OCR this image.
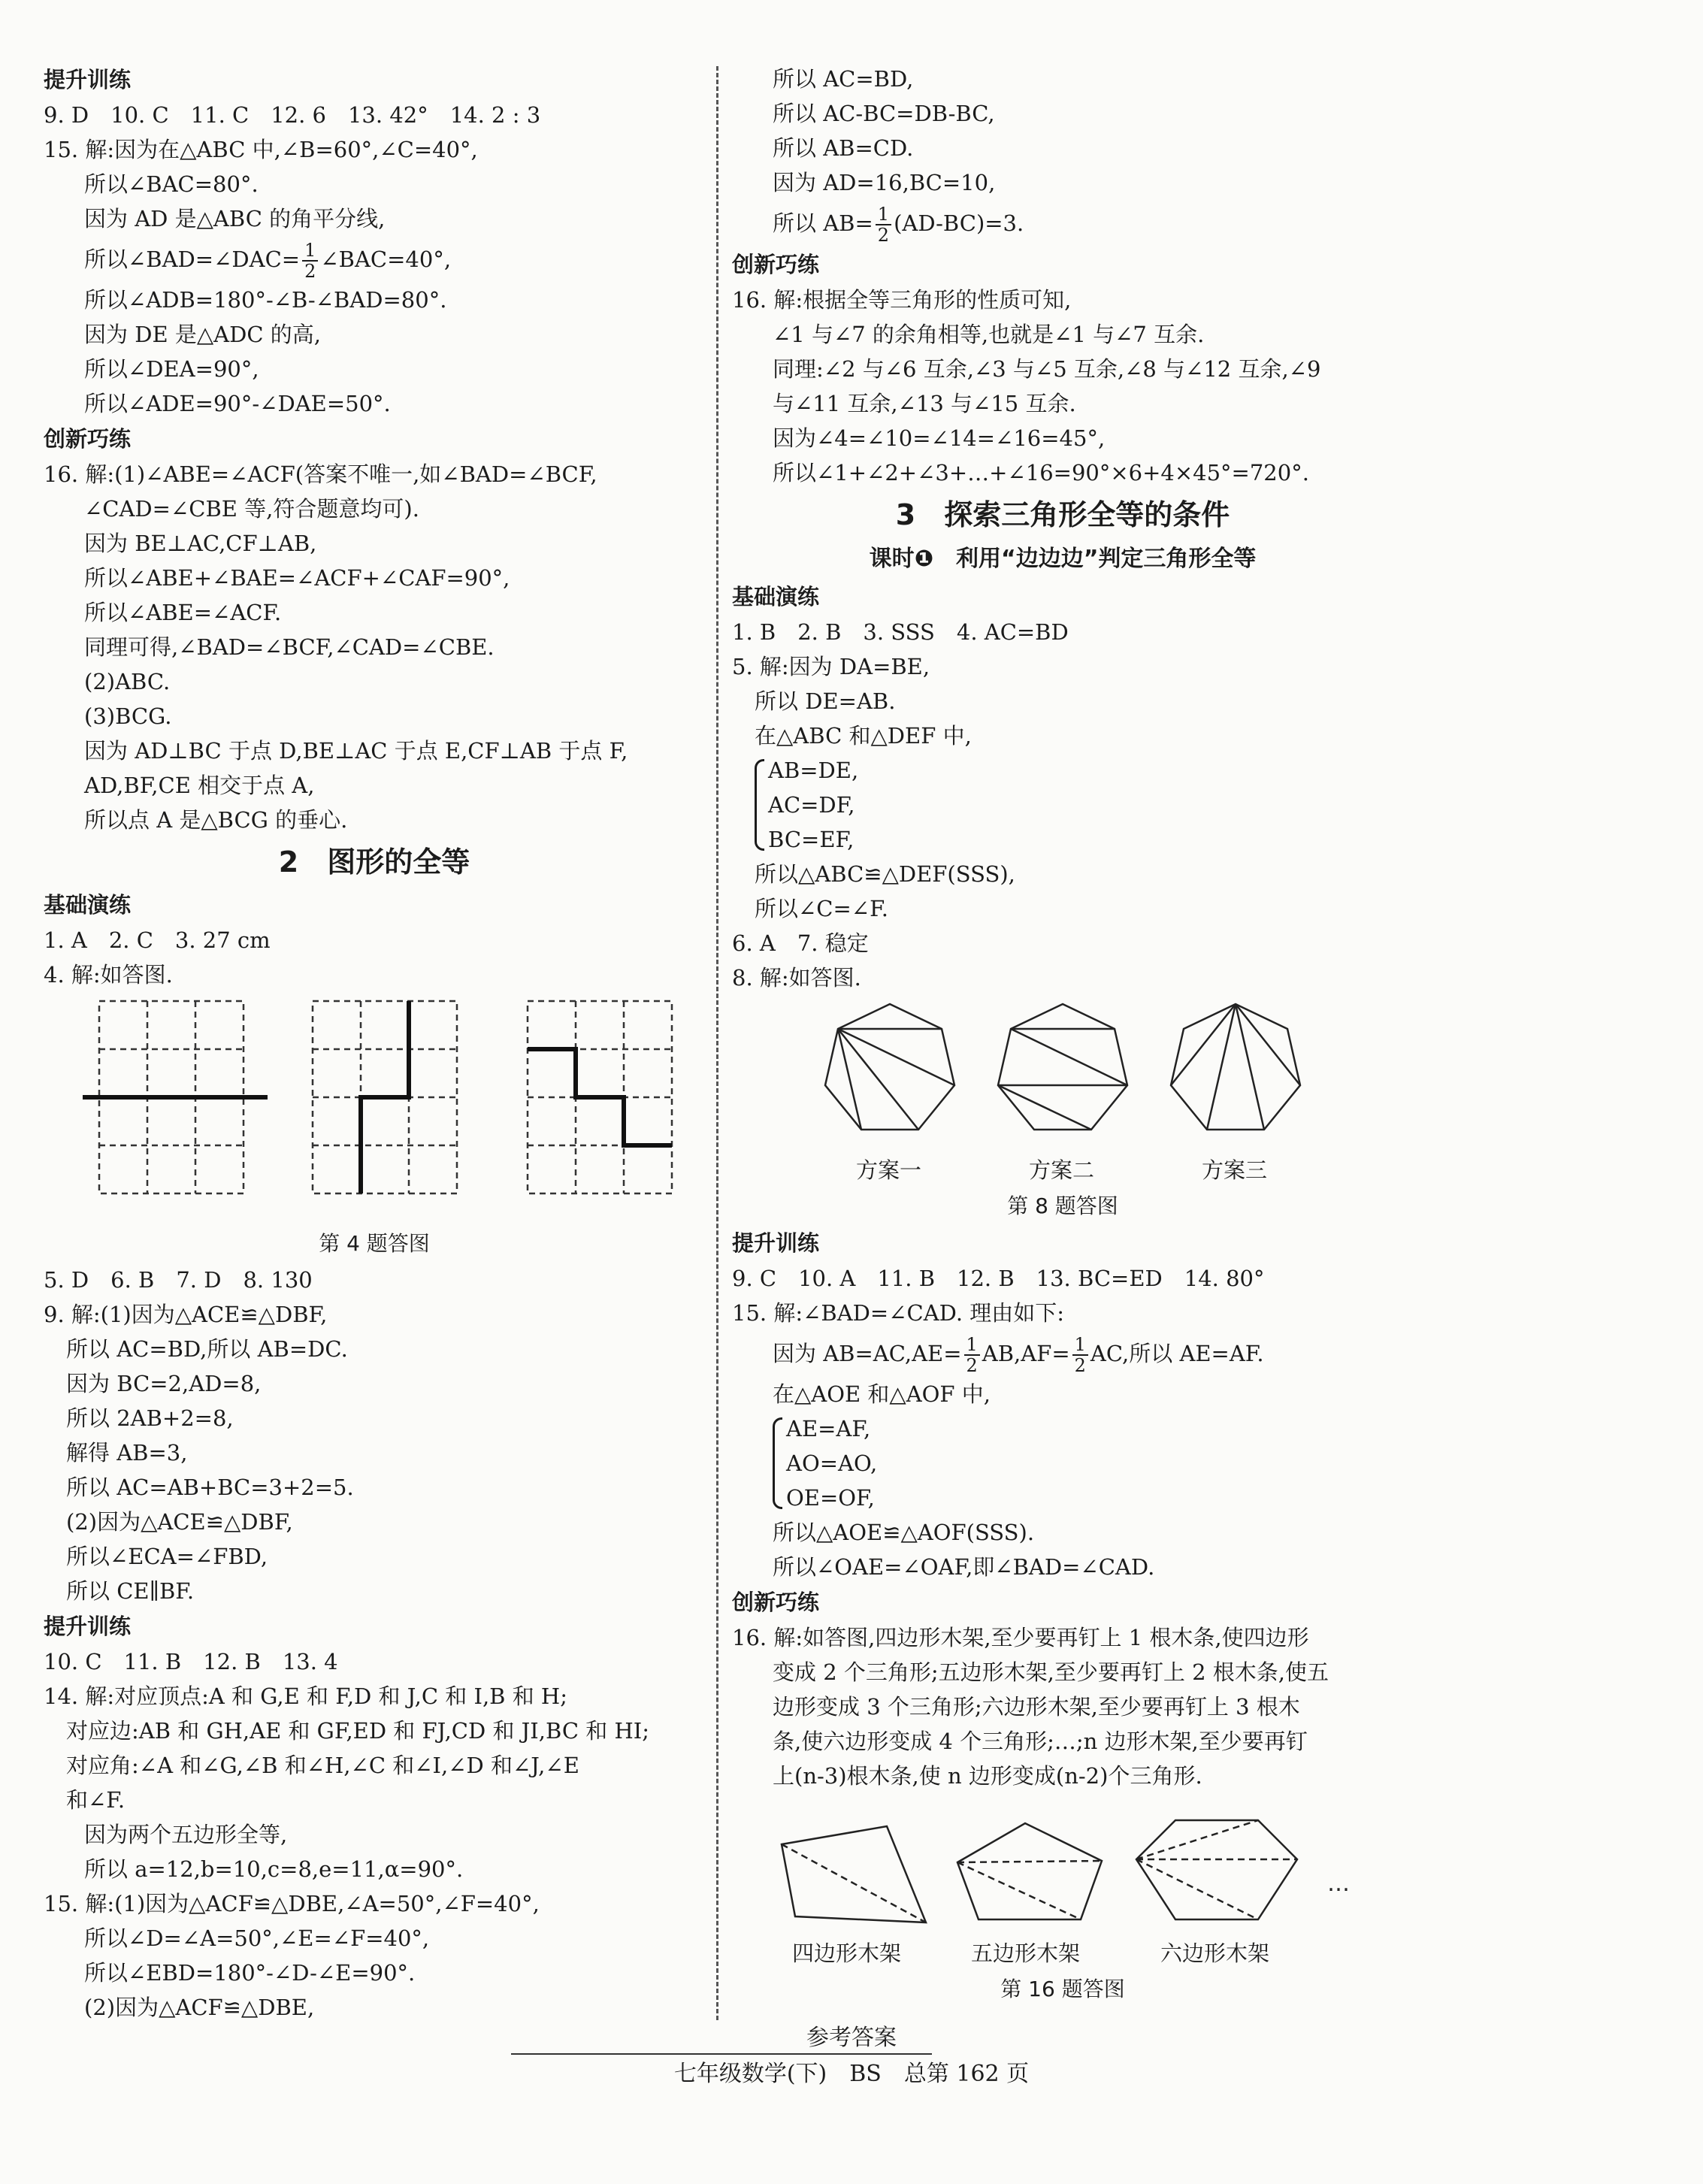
提升训练
9. D　10. C　11. C　12. 6　13. 42°　14. 2 : 3
15. 解:因为在△ABC 中,∠B=60°,∠C=40°,
所以∠BAC=80°.
因为 AD 是△ABC 的角平分线,
所以∠BAD=∠DAC= $\frac{1}{2}$ ∠BAC=40°,
所以∠ADB=180°-∠B-∠BAD=80°.
因为 DE 是△ADC 的高,
所以∠DEA=90°,
所以∠ADE=90°-∠DAE=50°.
创新巧练
16. 解:(1)∠ABE=∠ACF(答案不唯一,如∠BAD=∠BCF,
∠CAD=∠CBE 等,符合题意均可).
因为 BE⊥AC,CF⊥AB,
所以∠ABE+∠BAE=∠ACF+∠CAF=90°,
所以∠ABE=∠ACF.
同理可得,∠BAD=∠BCF,∠CAD=∠CBE.
(2)ABC.
(3)BCG.
因为 AD⊥BC 于点 D,BE⊥AC 于点 E,CF⊥AB 于点 F,
AD,BF,CE 相交于点 A,
所以点 A 是△BCG 的垂心.
2　图形的全等
基础演练
1. A　2. C　3. 27 cm
4. 解:如答图.
第 4 题答图
5. D　6. B　7. D　8. 130
9. 解:(1)因为△ACE≌△DBF,
所以 AC=BD,所以 AB=DC.
因为 BC=2,AD=8,
所以 2AB+2=8,
解得 AB=3,
所以 AC=AB+BC=3+2=5.
(2)因为△ACE≌△DBF,
所以∠ECA=∠FBD,
所以 CE∥BF.
提升训练
10. C　11. B　12. B　13. 4
14. 解:对应顶点:A 和 G,E 和 F,D 和 J,C 和 I,B 和 H;
对应边:AB 和 GH,AE 和 GF,ED 和 FJ,CD 和 JI,BC 和 HI;
对应角:∠A 和∠G,∠B 和∠H,∠C 和∠I,∠D 和∠J,∠E
和∠F.
因为两个五边形全等,
所以 a=12,b=10,c=8,e=11,α=90°.
15. 解:(1)因为△ACF≌△DBE,∠A=50°,∠F=40°,
所以∠D=∠A=50°,∠E=∠F=40°,
所以∠EBD=180°-∠D-∠E=90°.
(2)因为△ACF≌△DBE,
所以 AC=BD,
所以 AC-BC=DB-BC,
所以 AB=CD.
因为 AD=16,BC=10,
所以 $AB= \frac{1}{2} (AD-BC)=3$.
创新巧练
16. 解:根据全等三角形的性质可知,
∠1 与∠7 的余角相等,也就是∠1 与∠7 互余.
同理:∠2 与∠6 互余,∠3 与∠5 互余,∠8 与∠12 互余,∠9
与∠11 互余,∠13 与∠15 互余.
因为∠4=∠10=∠14=∠16=45°,
所以∠1+∠2+∠3+…+∠16=90°×6+4×45°=720°.
3　探索三角形全等的条件
课时❶　利用“边边边”判定三角形全等
基础演练
1. B　2. B　3. SSS　4. AC=BD
5. 解:因为 DA=BE,
所以 DE=AB.
在△ABC 和△DEF 中,
AB=DE,
AC=DF,
BC=EF,
所以△ABC≌△DEF(SSS),
所以∠C=∠F.
6. A　7. 稳定
8. 解:如答图.
方案一	方案二	方案三
第 8 题答图
提升训练
9. C　10. A　11. B　12. B　13. BC=ED　14. 80°
15. 解:∠BAD=∠CAD. 理由如下:
因为 $AB=AC,AE= \frac{1}{2} AB,AF= \frac{1}{2}$ AC,所以 AE=AF.
在△AOE 和△AOF 中,
AE=AF,
AO=AO,
OE=OF,
所以△AOE≌△AOF(SSS).
所以∠OAE=∠OAF,即∠BAD=∠CAD.
创新巧练
16. 解:如答图,四边形木架,至少要再钉上 1 根木条,使四边形
变成 2 个三角形;五边形木架,至少要再钉上 2 根木条,使五
边形变成 3 个三角形;六边形木架,至少要再钉上 3 根木
条,使六边形变成 4 个三角形;…;n 边形木架,至少要再钉
上(n-3)根木条,使 n 边形变成(n-2)个三角形.
…
四边形木架	五边形木架	六边形木架
第 16 题答图
参考答案
七年级数学(下)　BS　总第 162 页
